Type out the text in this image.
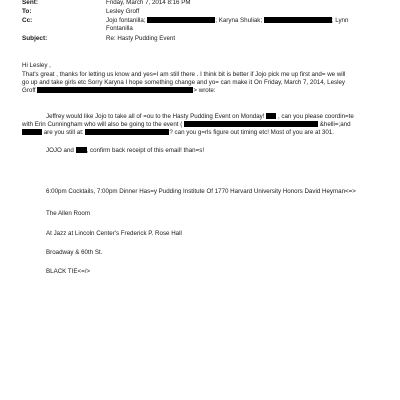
Sent:	Friday, March 7, 2014 8:16 PM
To:	Lesley Groff
Cc:	Jojo fontanilla;	; Karyna Shuliak;	; Lynn
Fontanilla
Subject:	Re: Hasty Pudding Event
Hi Lesley ,
That's great , thanks for letting us know and yes=I am still there . I think bit is better if Jojo pick me up first and= we will
go up and take girls etc Sorry Karyna I hope something change and yo= can make it On Friday, March 7, 2014, Lesley
Groff	> wrote:
Jeffrey would like Jojo to take all of =ou to the Hasty Pudding Event on Monday! , can you please coordin=te
with Erin Cunningham who will also be going to the event (	&helli=;and
are you still at:	? can you g=rls figure out timing etc! Most of you are at 301.
JOJO and , confirm back receipt of this email! than=s!
6:00pm Cocktails, 7:00pm Dinner Has=y Pudding Institute Of 1770 Harvard University Honors David Heyman<=>
The Allen Room
At Jazz at Lincoln Center's Frederick P. Rose Hall
Broadway & 60th St.
BLACK TIE<=/>
